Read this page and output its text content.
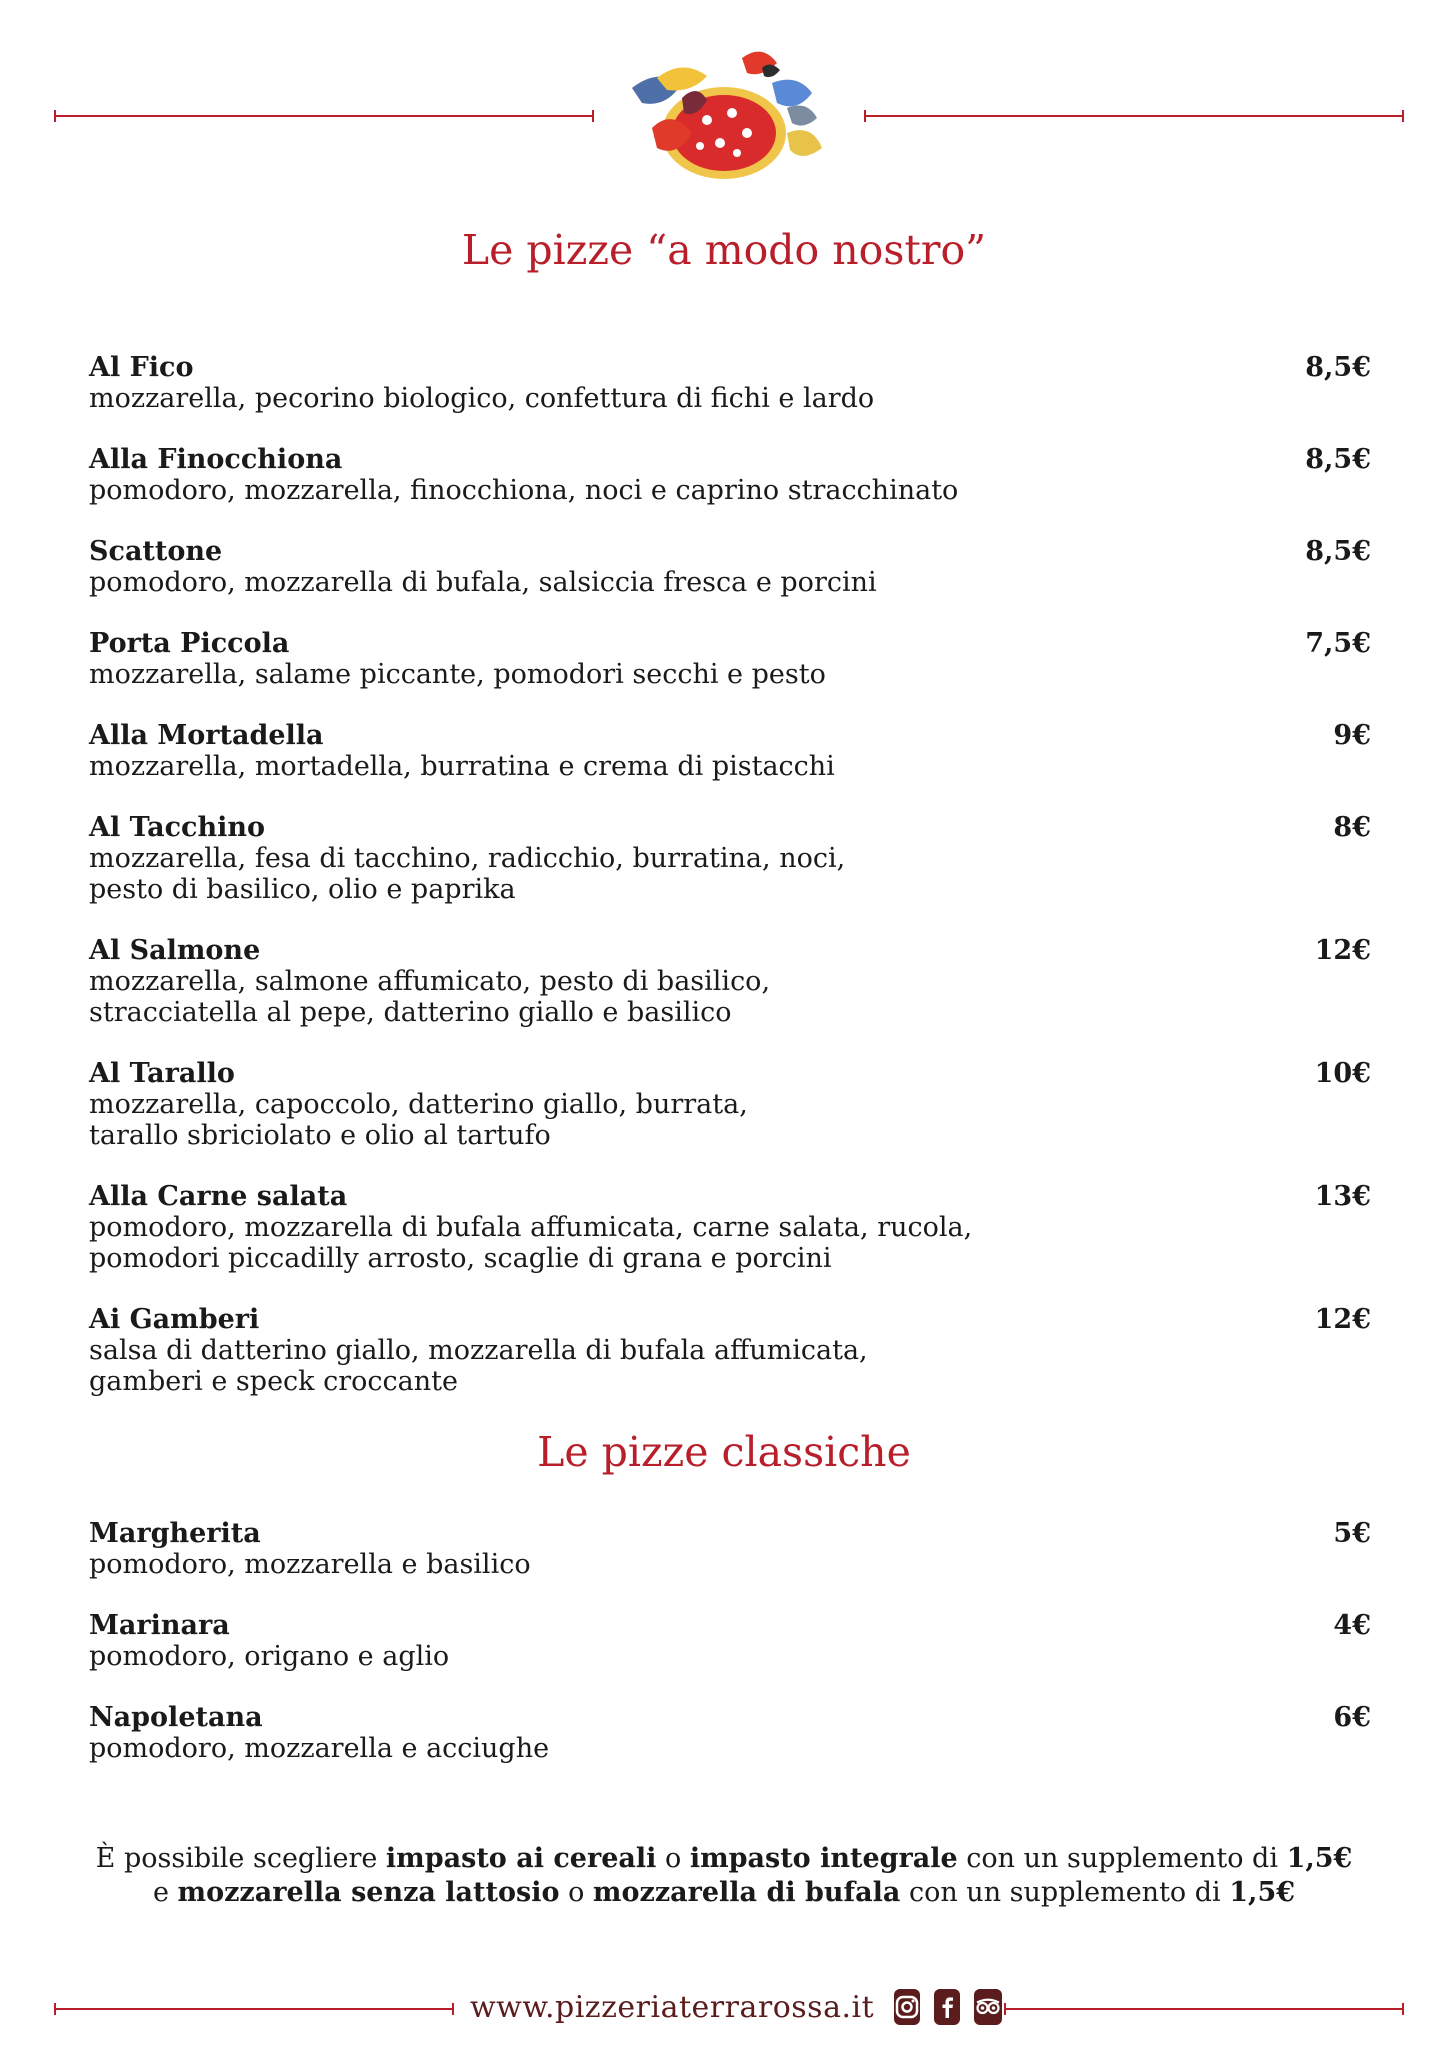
Le pizze “a modo nostro”
Al Fico
mozzarella, pecorino biologico, confettura di fichi e lardo
8,5€
Alla Finocchiona
pomodoro, mozzarella, finocchiona, noci e caprino stracchinato
8,5€
Scattone
pomodoro, mozzarella di bufala, salsiccia fresca e porcini
8,5€
Porta Piccola
mozzarella, salame piccante, pomodori secchi e pesto
7,5€
Alla Mortadella
mozzarella, mortadella, burratina e crema di pistacchi
9€
Al Tacchino
mozzarella, fesa di tacchino, radicchio, burratina, noci,
pesto di basilico, olio e paprika
8€
Al Salmone
mozzarella, salmone affumicato, pesto di basilico,
stracciatella al pepe, datterino giallo e basilico
12€
Al Tarallo
mozzarella, capoccolo, datterino giallo, burrata,
tarallo sbriciolato e olio al tartufo
10€
Alla Carne salata
pomodoro, mozzarella di bufala affumicata, carne salata, rucola,
pomodori piccadilly arrosto, scaglie di grana e porcini
13€
Ai Gamberi
salsa di datterino giallo, mozzarella di bufala affumicata,
gamberi e speck croccante
12€
Le pizze classiche
Margherita
pomodoro, mozzarella e basilico
5€
Marinara
pomodoro, origano e aglio
4€
Napoletana
pomodoro, mozzarella e acciughe
6€
È possibile scegliere impasto ai cereali o impasto integrale con un supplemento di 1,5€
e mozzarella senza lattosio o mozzarella di bufala con un supplemento di 1,5€
www.pizzeriaterrarossa.it
